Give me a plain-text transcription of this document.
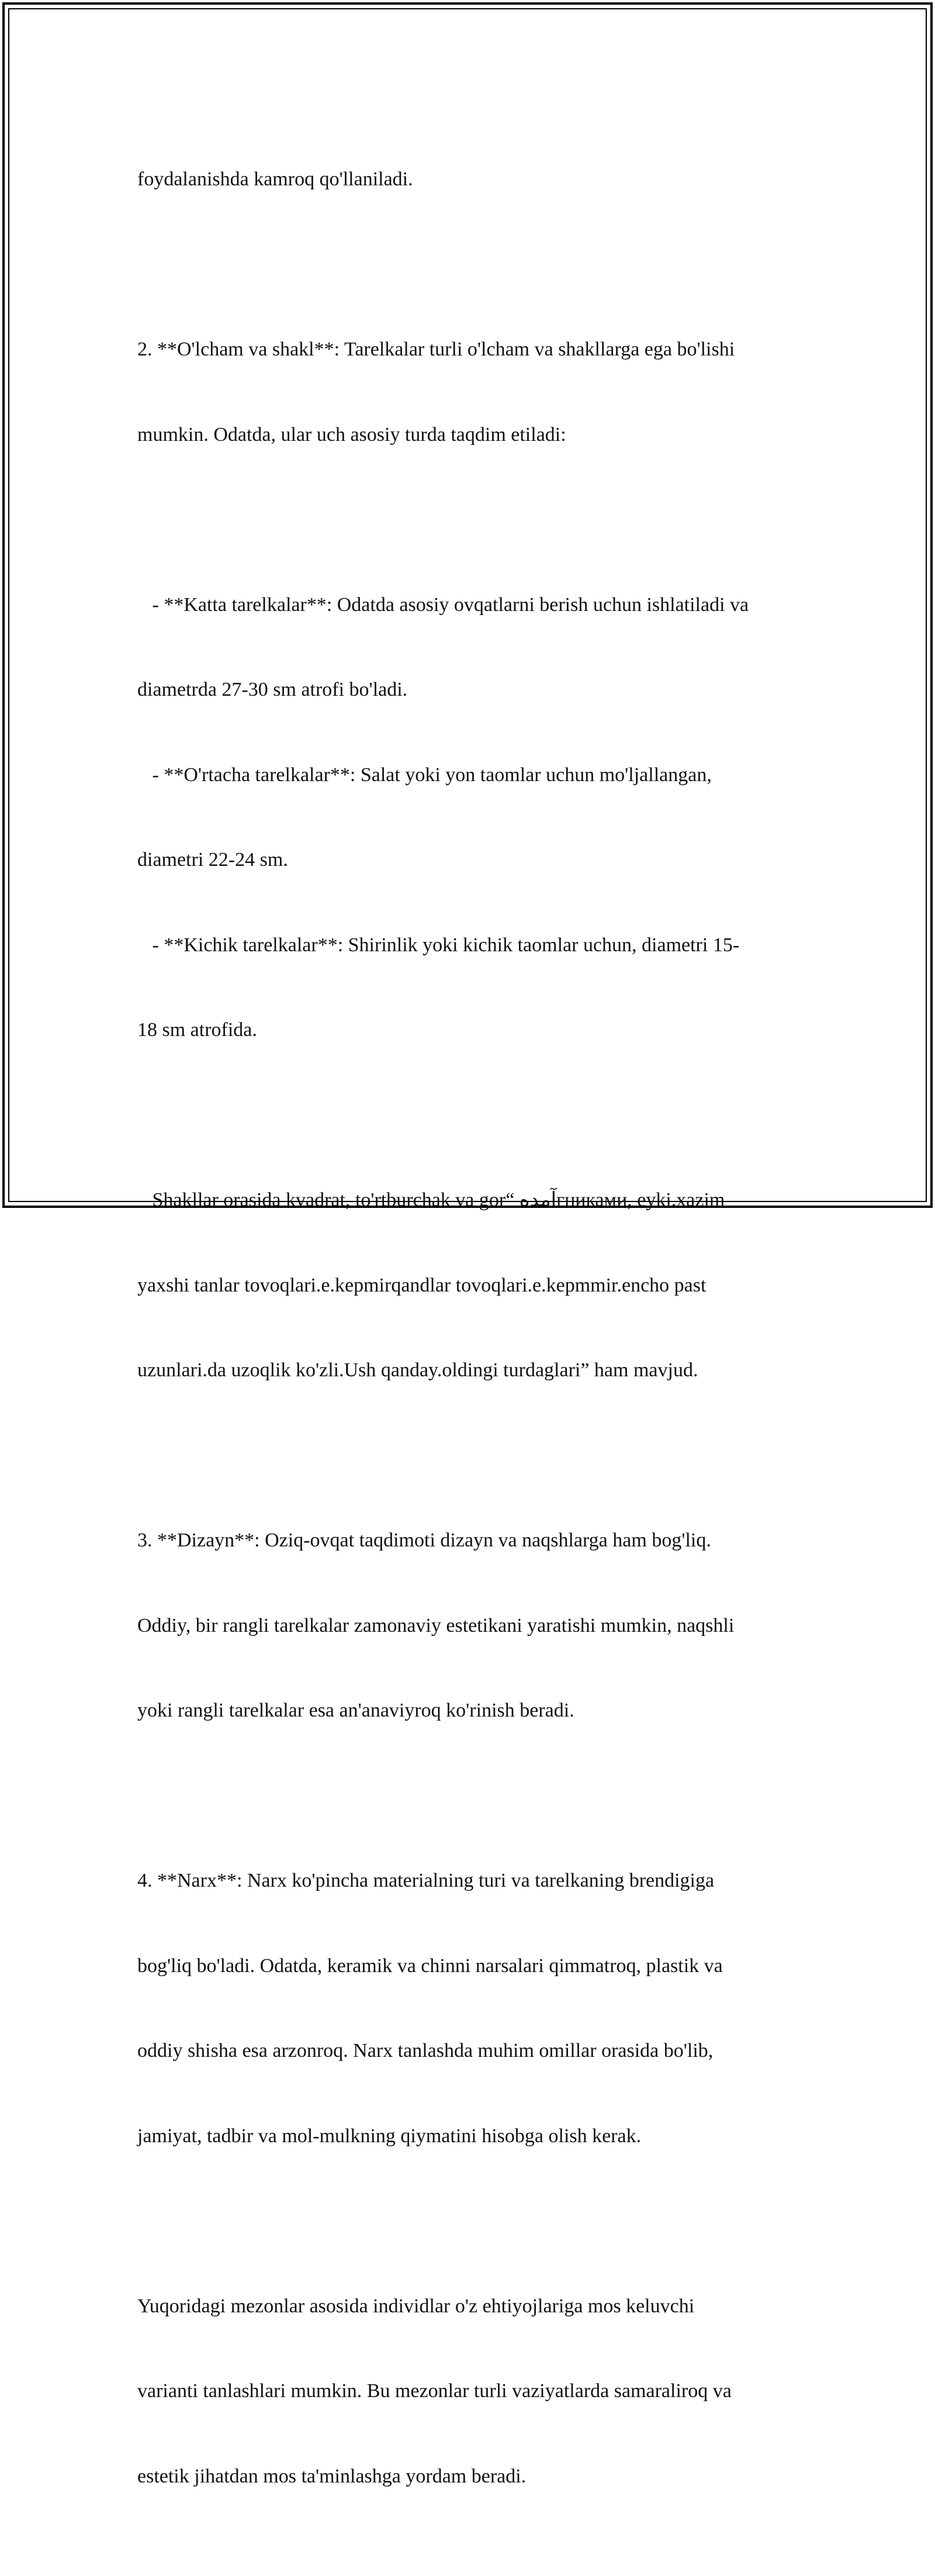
foydalanishda kamroq qo'llaniladi.

2. **O'lcham va shakl**: Tarelkalar turli o'lcham va shakllarga ega bo'lishi

mumkin. Odatda, ular uch asosiy turda taqdim etiladi:

- **Katta tarelkalar**: Odatda asosiy ovqatlarni berish uchun ishlatiladi va

diametrda 27-30 sm atrofi bo'ladi.

- **O'rtacha tarelkalar**: Salat yoki yon taomlar uchun mo'ljallangan,

diametri 22-24 sm.

- **Kichik tarelkalar**: Shirinlik yoki kichik taomlar uchun, diametri 15-

18 sm atrofida.

Shakllar orasida kvadrat, to'rtburchak va gor“ آمدهгниками, eyki.xazim

yaxshi tanlar tovoqlari.e.kepmirqandlar tovoqlari.e.kepmmir.encho past

uzunlari.da uzoqlik ko'zli.Ush qanday.oldingi turdaglari” ham mavjud.

3. **Dizayn**: Oziq-ovqat taqdimoti dizayn va naqshlarga ham bog'liq.

Oddiy, bir rangli tarelkalar zamonaviy estetikani yaratishi mumkin, naqshli

yoki rangli tarelkalar esa an'anaviyroq ko'rinish beradi.

4. **Narx**: Narx ko'pincha materialning turi va tarelkaning brendigiga

bog'liq bo'ladi. Odatda, keramik va chinni narsalari qimmatroq, plastik va

oddiy shisha esa arzonroq. Narx tanlashda muhim omillar orasida bo'lib,

jamiyat, tadbir va mol-mulkning qiymatini hisobga olish kerak.

Yuqoridagi mezonlar asosida individlar o'z ehtiyojlariga mos keluvchi

varianti tanlashlari mumkin. Bu mezonlar turli vaziyatlarda samaraliroq va

estetik jihatdan mos ta'minlashga yordam beradi.
